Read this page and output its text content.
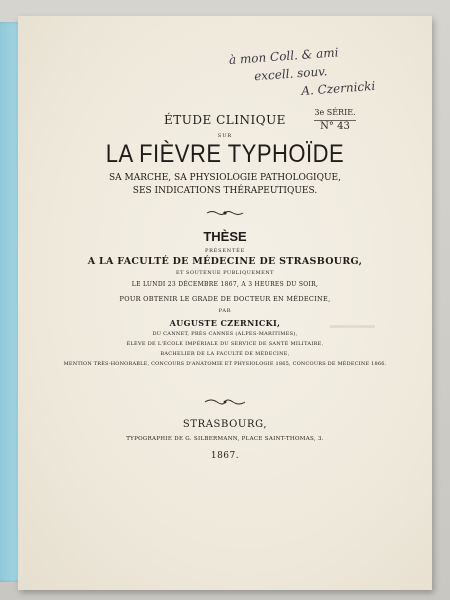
à mon Coll. & ami
excell. souv.
A. Czernicki
3e SÉRIE.
N° 43
ÉTUDE CLINIQUE
SUR
LA FIÈVRE TYPHOÏDE
SA MARCHE, SA PHYSIOLOGIE PATHOLOGIQUE,
SES INDICATIONS THÉRAPEUTIQUES.
THÈSE
PRÉSENTÉE
A LA FACULTÉ DE MÉDECINE DE STRASBOURG,
ET SOUTENUE PUBLIQUEMENT
LE LUNDI 23 DÉCEMBRE 1867, A 3 HEURES DU SOIR,
POUR OBTENIR LE GRADE DE DOCTEUR EN MÉDECINE,
PAR
AUGUSTE CZERNICKI,
DU CANNET, PRÈS CANNES (ALPES-MARITIMES),
ÉLÈVE DE L'ÉCOLE IMPÉRIALE DU SERVICE DE SANTÉ MILITAIRE,
BACHELIER DE LA FACULTÉ DE MÉDECINE,
MENTION TRÈS-HONORABLE, CONCOURS D'ANATOMIE ET PHYSIOLOGIE 1865, CONCOURS DE MÉDECINE 1866.
STRASBOURG,
TYPOGRAPHIE DE G. SILBERMANN, PLACE SAINT-THOMAS, 3.
1867.
